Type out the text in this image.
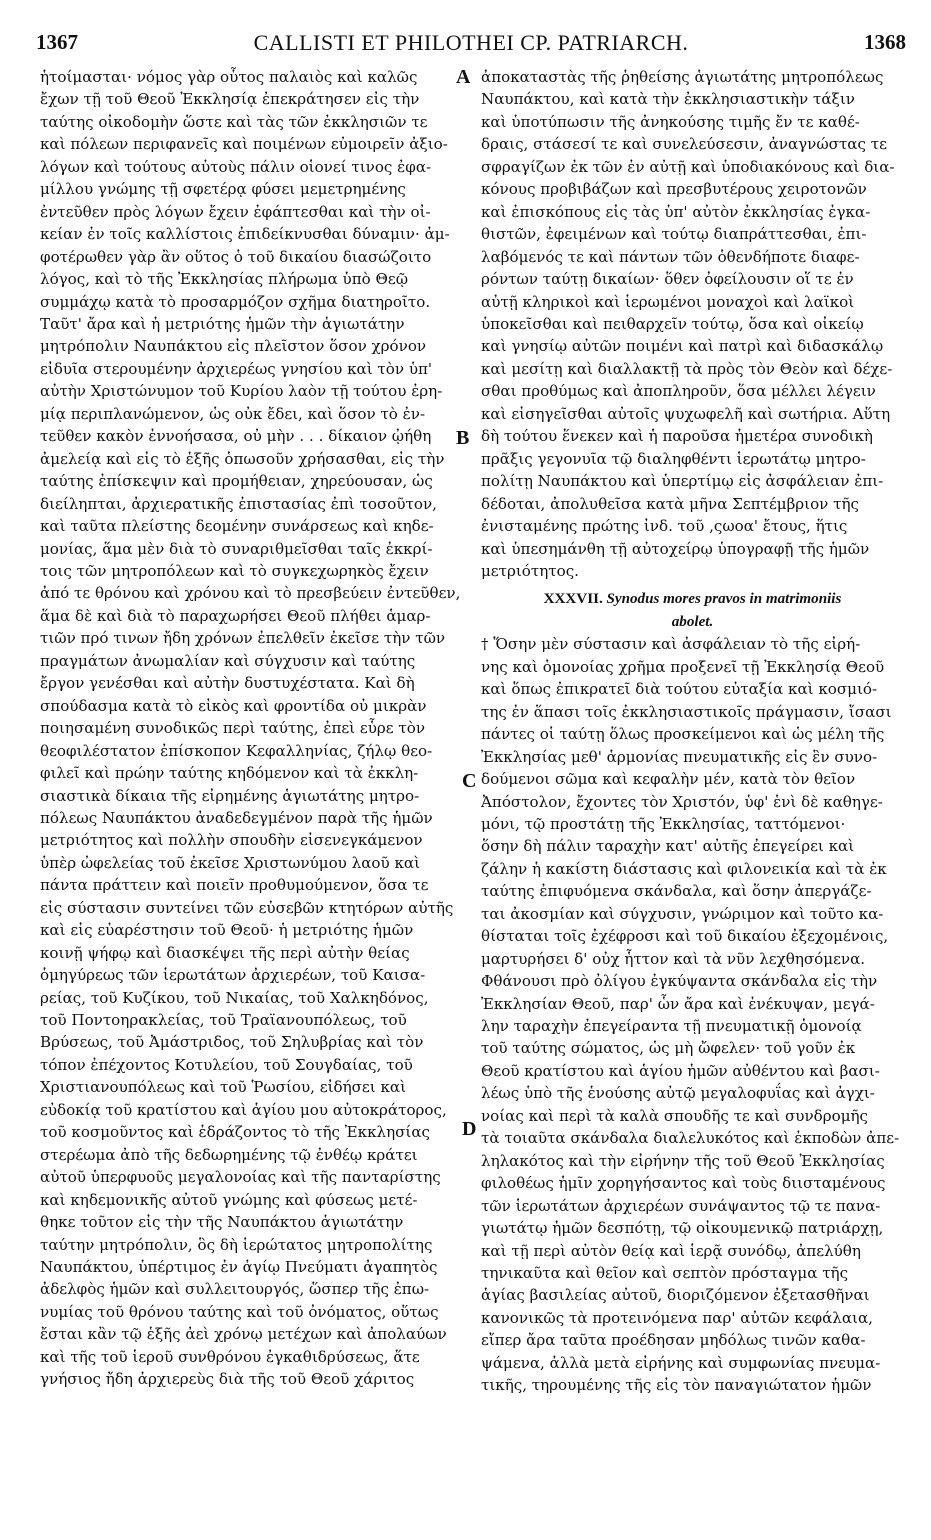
1367	CALLISTI ET PHILOTHEI CP. PATRIARCH.	1368
ἡτοίμασται· νόμος γὰρ οὗτος παλαιὸς καὶ καλῶς
ἔχων τῇ τοῦ Θεοῦ Ἐκκλησίᾳ ἐπεκράτησεν εἰς τὴν
ταύτης οἰκοδομὴν ὥστε καὶ τὰς τῶν ἐκκλησιῶν τε
καὶ πόλεων περιφανεῖς καὶ ποιμένων εὐμοιρεῖν ἀξιο-
λόγων καὶ τούτους αὐτοὺς πάλιν οἱονεί τινος ἐφα-
μίλλου γνώμης τῇ σφετέρᾳ φύσει μεμετρημένης
ἐντεῦθεν πρὸς λόγων ἔχειν ἐφάπτεσθαι καὶ τὴν οἰ-
κείαν ἐν τοῖς καλλίστοις ἐπιδείκνυσθαι δύναμιν· ἀμ-
φοτέρωθεν γὰρ ἂν οὕτος ὁ τοῦ δικαίου διασώζοιτο
λόγος, καὶ τὸ τῆς Ἐκκλησίας πλήρωμα ὑπὸ Θεῷ
συμμάχῳ κατὰ τὸ προσαρμόζον σχῆμα διατηροῖτο.
Ταῦτ' ἄρα καὶ ἡ μετριότης ἡμῶν τὴν ἁγιωτάτην
μητρόπολιν Ναυπάκτου εἰς πλεῖστον ὅσον χρόνον
εἰδυῖα στερουμένην ἀρχιερέως γνησίου καὶ τὸν ὑπ'
αὐτὴν Χριστώνυμον τοῦ Κυρίου λαὸν τῇ τούτου ἐρη-
μίᾳ περιπλανώμενον, ὡς οὐκ ἔδει, καὶ ὅσον τὸ ἐν-
τεῦθεν κακὸν ἐννοήσασα, οὐ μὴν . . . δίκαιον ᾠήθη
ἀμελείᾳ καὶ εἰς τὸ ἑξῆς ὁπωσοῦν χρήσασθαι, εἰς τὴν
ταύτης ἐπίσκεψιν καὶ προμήθειαν, χηρεύουσαν, ὡς
διείληπται, ἀρχιερατικῆς ἐπιστασίας ἐπὶ τοσοῦτον,
καὶ ταῦτα πλείστης δεομένην συνάρσεως καὶ κηδε-
μονίας, ἅμα μὲν διὰ τὸ συναριθμεῖσθαι ταῖς ἐκκρί-
τοις τῶν μητροπόλεων καὶ τὸ συγκεχωρηκὸς ἔχειν
ἀπό τε θρόνου καὶ χρόνου καὶ τὸ πρεσβεύειν ἐντεῦθεν,
ἅμα δὲ καὶ διὰ τὸ παραχωρήσει Θεοῦ πλήθει ἁμαρ-
τιῶν πρό τινων ἤδη χρόνων ἐπελθεῖν ἐκεῖσε τὴν τῶν
πραγμάτων ἀνωμαλίαν καὶ σύγχυσιν καὶ ταύτης
ἔργον γενέσθαι καὶ αὐτὴν δυστυχέστατα. Καὶ δὴ
σπούδασμα κατὰ τὸ εἰκὸς καὶ φροντίδα οὐ μικρὰν
ποιησαμένη συνοδικῶς περὶ ταύτης, ἐπεὶ εὗρε τὸν
θεοφιλέστατον ἐπίσκοπον Κεφαλληνίας, ζήλῳ θεο-
φιλεῖ καὶ πρώην ταύτης κηδόμενον καὶ τὰ ἐκκλη-
σιαστικὰ δίκαια τῆς εἰρημένης ἁγιωτάτης μητρο-
πόλεως Ναυπάκτου ἀναδεδεγμένον παρὰ τῆς ἡμῶν
μετριότητος καὶ πολλὴν σπουδὴν εἰσενεγκάμενον
ὑπὲρ ὠφελείας τοῦ ἐκεῖσε Χριστωνύμου λαοῦ καὶ
πάντα πράττειν καὶ ποιεῖν προθυμούμενον, ὅσα τε
εἰς σύστασιν συντείνει τῶν εὐσεβῶν κτητόρων αὐτῆς
καὶ εἰς εὐαρέστησιν τοῦ Θεοῦ· ἡ μετριότης ἡμῶν
κοινῇ ψήφῳ καὶ διασκέψει τῆς περὶ αὐτὴν θείας
ὁμηγύρεως τῶν ἱερωτάτων ἀρχιερέων, τοῦ Καισα-
ρείας, τοῦ Κυζίκου, τοῦ Νικαίας, τοῦ Χαλκηδόνος,
τοῦ Ποντοηρακλείας, τοῦ Τραϊανουπόλεως, τοῦ
Βρύσεως, τοῦ Ἀμάστριδος, τοῦ Σηλυβρίας καὶ τὸν
τόπον ἐπέχοντος Κοτυλείου, τοῦ Σουγδαίας, τοῦ
Χριστιανουπόλεως καὶ τοῦ Ῥωσίου, εἰδήσει καὶ
εὐδοκίᾳ τοῦ κρατίστου καὶ ἁγίου μου αὐτοκράτορος,
τοῦ κοσμοῦντος καὶ ἑδράζοντος τὸ τῆς Ἐκκλησίας
στερέωμα ἀπὸ τῆς δεδωρημένης τῷ ἐνθέῳ κράτει
αὐτοῦ ὑπερφυοῦς μεγαλονοίας καὶ τῆς πανταρίστης
καὶ κηδεμονικῆς αὐτοῦ γνώμης καὶ φύσεως μετέ-
θηκε τοῦτον εἰς τὴν τῆς Ναυπάκτου ἁγιωτάτην
ταύτην μητρόπολιν, ὃς δὴ ἱερώτατος μητροπολίτης
Ναυπάκτου, ὑπέρτιμος ἐν ἁγίῳ Πνεύματι ἀγαπητὸς
ἀδελφὸς ἡμῶν καὶ συλλειτουργός, ὥσπερ τῆς ἐπω-
νυμίας τοῦ θρόνου ταύτης καὶ τοῦ ὀνόματος, οὕτως
ἔσται κἂν τῷ ἑξῆς ἀεὶ χρόνῳ μετέχων καὶ ἀπολαύων
καὶ τῆς τοῦ ἱεροῦ συνθρόνου ἐγκαθιδρύσεως, ἅτε
γνήσιος ἤδη ἀρχιερεὺς διὰ τῆς τοῦ Θεοῦ χάριτος
ἀποκαταστὰς τῆς ῥηθείσης ἁγιωτάτης μητροπόλεως
Ναυπάκτου, καὶ κατὰ τὴν ἐκκλησιαστικὴν τάξιν
καὶ ὑποτύπωσιν τῆς ἀνηκούσης τιμῆς ἔν τε καθέ-
δραις, στάσεσί τε καὶ συνελεύσεσιν, ἀναγνώστας τε
σφραγίζων ἐκ τῶν ἐν αὐτῇ καὶ ὑποδιακόνους καὶ δια-
κόνους προβιβάζων καὶ πρεσβυτέρους χειροτονῶν
καὶ ἐπισκόπους εἰς τὰς ὑπ' αὐτὸν ἐκκλησίας ἐγκα-
θιστῶν, ἐφειμένων καὶ τούτῳ διαπράττεσθαι, ἐπι-
λαβόμενός τε καὶ πάντων τῶν ὁθενδήποτε διαφε-
ρόντων ταύτῃ δικαίων· ὅθεν ὀφείλουσιν οἵ τε ἐν
αὐτῇ κληρικοὶ καὶ ἱερωμένοι μοναχοὶ καὶ λαϊκοὶ
ὑποκεῖσθαι καὶ πειθαρχεῖν τούτῳ, ὅσα καὶ οἰκείῳ
καὶ γνησίῳ αὐτῶν ποιμένι καὶ πατρὶ καὶ διδασκάλῳ
καὶ μεσίτῃ καὶ διαλλακτῇ τὰ πρὸς τὸν Θεὸν καὶ δέχε-
σθαι προθύμως καὶ ἀποπληροῦν, ὅσα μέλλει λέγειν
καὶ εἰσηγεῖσθαι αὐτοῖς ψυχωφελῆ καὶ σωτήρια. Αὕτη
δὴ τούτου ἕνεκεν καὶ ἡ παροῦσα ἡμετέρα συνοδικὴ
πρᾶξις γεγονυῖα τῷ διαληφθέντι ἱερωτάτῳ μητρο-
πολίτῃ Ναυπάκτου καὶ ὑπερτίμῳ εἰς ἀσφάλειαν ἐπι-
δέδοται, ἀπολυθεῖσα κατὰ μῆνα Σεπτέμβριον τῆς
ἐνισταμένης πρώτης ἰνδ. τοῦ ,ςωοα' ἔτους, ἥτις
καὶ ὑπεσημάνθη τῇ αὐτοχείρῳ ὑπογραφῇ τῆς ἡμῶν
μετριότητος.
XXXVII. Synodus mores pravos in matrimoniis
abolet.
† Ὅσην μὲν σύστασιν καὶ ἀσφάλειαν τὸ τῆς εἰρή-
νης καὶ ὁμονοίας χρῆμα προξενεῖ τῇ Ἐκκλησίᾳ Θεοῦ
καὶ ὅπως ἐπικρατεῖ διὰ τούτου εὐταξία καὶ κοσμιό-
της ἐν ἅπασι τοῖς ἐκκλησιαστικοῖς πράγμασιν, ἴσασι
πάντες οἱ ταύτῃ ὅλως προσκείμενοι καὶ ὡς μέλη τῆς
Ἐκκλησίας μεθ' ἁρμονίας πνευματικῆς εἰς ἓν συνο-
δούμενοι σῶμα καὶ κεφαλὴν μέν, κατὰ τὸν θεῖον
Ἀπόστολον, ἔχοντες τὸν Χριστόν, ὑφ' ἑνὶ δὲ καθηγε-
μόνι, τῷ προστάτῃ τῆς Ἐκκλησίας, ταττόμενοι·
ὅσην δὴ πάλιν ταραχὴν κατ' αὐτῆς ἐπεγείρει καὶ
ζάλην ἡ κακίστη διάστασις καὶ φιλονεικία καὶ τὰ ἐκ
ταύτης ἐπιφυόμενα σκάνδαλα, καὶ ὅσην ἀπεργάζε-
ται ἀκοσμίαν καὶ σύγχυσιν, γνώριμον καὶ τοῦτο κα-
θίσταται τοῖς ἐχέφροσι καὶ τοῦ δικαίου ἐξεχομένοις,
μαρτυρήσει δ' οὐχ ἧττον καὶ τὰ νῦν λεχθησόμενα.
Φθάνουσι πρὸ ὀλίγου ἐγκύψαντα σκάνδαλα εἰς τὴν
Ἐκκλησίαν Θεοῦ, παρ' ὧν ἄρα καὶ ἐνέκυψαν, μεγά-
λην ταραχὴν ἐπεγείραντα τῇ πνευματικῇ ὁμονοίᾳ
τοῦ ταύτης σώματος, ὡς μὴ ὤφελεν· τοῦ γοῦν ἐκ
Θεοῦ κρατίστου καὶ ἁγίου ἡμῶν αὐθέντου καὶ βασι-
λέως ὑπὸ τῆς ἑνούσης αὐτῷ μεγαλοφυΐας καὶ ἀγχι-
νοίας καὶ περὶ τὰ καλὰ σπουδῆς τε καὶ συνδρομῆς
τὰ τοιαῦτα σκάνδαλα διαλελυκότος καὶ ἐκποδὼν ἀπε-
ληλακότος καὶ τὴν εἰρήνην τῆς τοῦ Θεοῦ Ἐκκλησίας
φιλοθέως ἡμῖν χορηγήσαντος καὶ τοὺς διισταμένους
τῶν ἱερωτάτων ἀρχιερέων συνάψαντος τῷ τε πανα-
γιωτάτῳ ἡμῶν δεσπότῃ, τῷ οἰκουμενικῷ πατριάρχῃ,
καὶ τῇ περὶ αὐτὸν θείᾳ καὶ ἱερᾷ συνόδῳ, ἀπελύθη
τηνικαῦτα καὶ θεῖον καὶ σεπτὸν πρόσταγμα τῆς
ἁγίας βασιλείας αὐτοῦ, διοριζόμενον ἐξετασθῆναι
κανονικῶς τὰ προτεινόμενα παρ' αὐτῶν κεφάλαια,
εἴπερ ἄρα ταῦτα προέδησαν μηδόλως τινῶν καθα-
ψάμενα, ἀλλὰ μετὰ εἰρήνης καὶ συμφωνίας πνευμα-
τικῆς, τηρουμένης τῆς εἰς τὸν παναγιώτατον ἡμῶν
A
B
C
D
